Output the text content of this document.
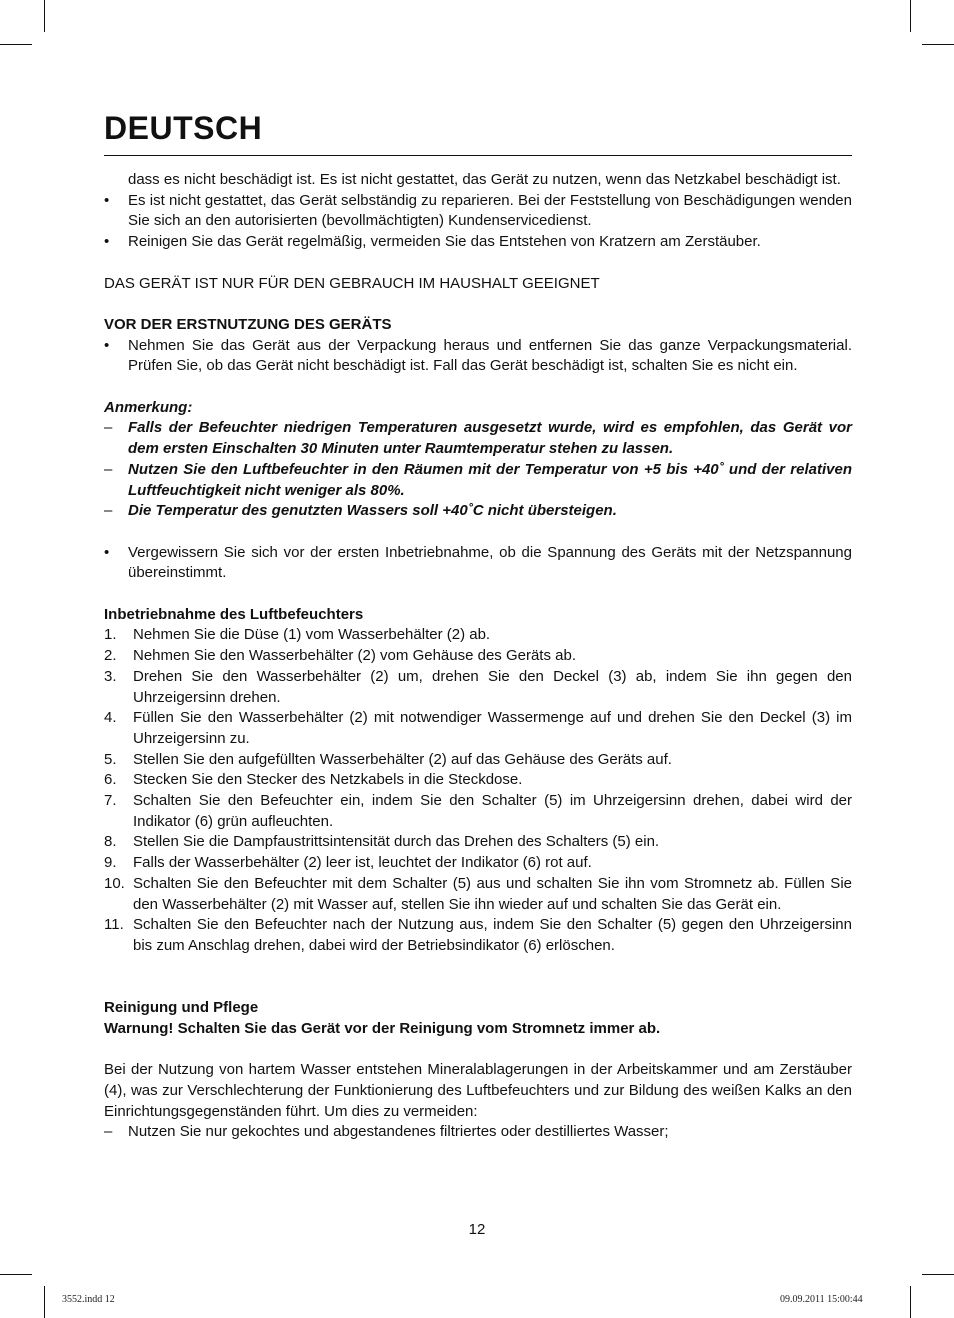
DEUTSCH

dass es nicht beschädigt ist. Es ist nicht gestattet, das Gerät zu nutzen, wenn das Netzkabel beschädigt ist.

• Es ist nicht gestattet, das Gerät selbständig zu reparieren. Bei der Feststellung von Beschädigungen wenden Sie sich an den autorisierten (bevollmächtigten) Kundenservicedienst.
• Reinigen Sie das Gerät regelmäßig, vermeiden Sie das Entstehen von Kratzern am Zerstäuber.

DAS GERÄT IST NUR FÜR DEN GEBRAUCH IM HAUSHALT GEEIGNET

VOR DER ERSTNUTZUNG DES GERÄTS

• Nehmen Sie das Gerät aus der Verpackung heraus und entfernen Sie das ganze Verpackungsmaterial. Prüfen Sie, ob das Gerät nicht beschädigt ist. Fall das Gerät beschädigt ist, schalten Sie es nicht ein.

Anmerkung:

– Falls der Befeuchter niedrigen Temperaturen ausgesetzt wurde, wird es empfohlen, das Gerät vor dem ersten Einschalten 30 Minuten unter Raumtemperatur stehen zu lassen.
– Nutzen Sie den Luftbefeuchter in den Räumen mit der Temperatur von +5 bis +40˚ und der relativen Luftfeuchtigkeit nicht weniger als 80%.
– Die Temperatur des genutzten Wassers soll +40˚C nicht übersteigen.
• Vergewissern Sie sich vor der ersten Inbetriebnahme, ob die Spannung des Geräts mit der Netzspannung übereinstimmt.

Inbetriebnahme des Luftbefeuchters

1. Nehmen Sie die Düse (1) vom Wasserbehälter (2) ab.
2. Nehmen Sie den Wasserbehälter (2) vom Gehäuse des Geräts ab.
3. Drehen Sie den Wasserbehälter (2) um, drehen Sie den Deckel (3) ab, indem Sie ihn gegen den Uhrzeigersinn drehen.
4. Füllen Sie den Wasserbehälter (2) mit notwendiger Wassermenge auf und drehen Sie den Deckel (3) im Uhrzeigersinn zu.
5. Stellen Sie den aufgefüllten Wasserbehälter (2) auf das Gehäuse des Geräts auf.
6. Stecken Sie den Stecker des Netzkabels in die Steckdose.
7. Schalten Sie den Befeuchter ein, indem Sie den Schalter (5) im Uhrzeigersinn drehen, dabei wird der Indikator (6) grün aufleuchten.
8. Stellen Sie die Dampfaustrittsintensität durch das Drehen des Schalters (5) ein.
9. Falls der Wasserbehälter (2) leer ist, leuchtet der Indikator (6) rot auf.
10. Schalten Sie den Befeuchter mit dem Schalter (5) aus und schalten Sie ihn vom Stromnetz ab. Füllen Sie den Wasserbehälter (2) mit Wasser auf, stellen Sie ihn wieder auf und schalten Sie das Gerät ein.
11. Schalten Sie den Befeuchter nach der Nutzung aus, indem Sie den Schalter (5) gegen den Uhrzeigersinn bis zum Anschlag drehen, dabei wird der Betriebsindikator (6) erlöschen.

Reinigung und Pflege

Warnung! Schalten Sie das Gerät vor der Reinigung vom Stromnetz immer ab.

Bei der Nutzung von hartem Wasser entstehen Mineralablagerungen in der Arbeitskammer und am Zerstäuber (4), was zur Verschlechterung der Funktionierung des Luftbefeuchters und zur Bildung des weißen Kalks an den Einrichtungsgegenständen führt. Um dies zu vermeiden:

– Nutzen Sie nur gekochtes und abgestandenes filtriertes oder destilliertes Wasser;
12
3552.indd 12	09.09.2011 15:00:44
